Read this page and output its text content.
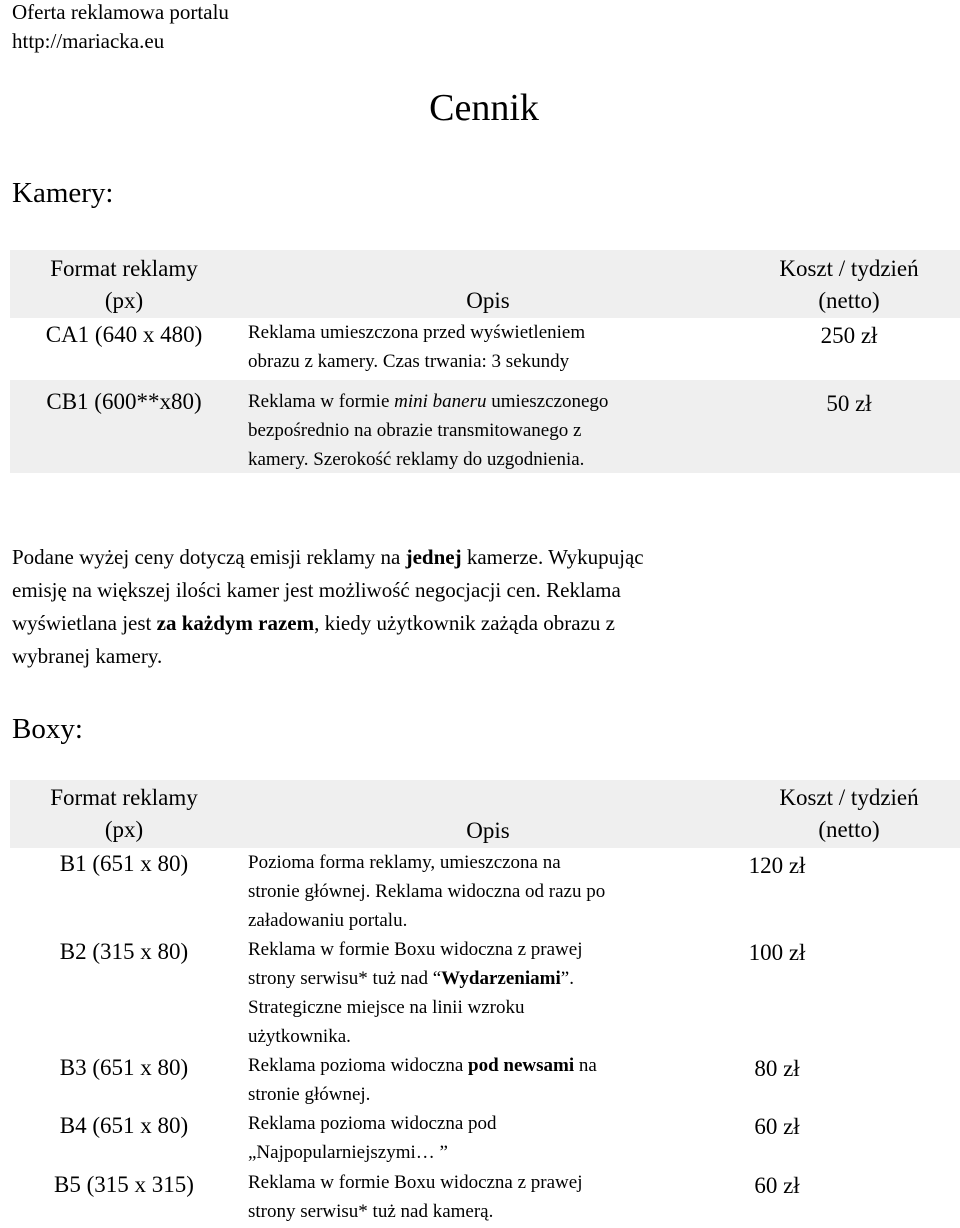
Oferta reklamowa portalu
http://mariacka.eu
Cennik
Kamery:
Format reklamy
(px)	Opis
Koszt / tydzień
(netto)
CA1 (640 x 480)	Reklama umieszczona przed wyświetleniem
obrazu z kamery. Czas trwania: 3 sekundy
250 zł
CB1 (600**x80)	Reklama w formie mini baneru umieszczonego
bezpośrednio na obrazie transmitowanego z
kamery. Szerokość reklamy do uzgodnienia.
50 zł
Podane wyżej ceny dotyczą emisji reklamy na jednej kamerze. Wykupując
emisję na większej ilości kamer jest możliwość negocjacji cen. Reklama
wyświetlana jest za każdym razem, kiedy użytkownik zażąda obrazu z
wybranej kamery.
Boxy:
Format reklamy
(px)	Opis
Koszt / tydzień
(netto)
B1 (651 x 80)	Pozioma forma reklamy, umieszczona na
stronie głównej. Reklama widoczna od razu po
załadowaniu portalu.
120 zł
B2 (315 x 80)	Reklama w formie Boxu widoczna z prawej
strony serwisu* tuż nad “Wydarzeniami”.
Strategiczne miejsce na linii wzroku
użytkownika.
100 zł
B3 (651 x 80)	Reklama pozioma widoczna pod newsami na
stronie głównej.
80 zł
B4 (651 x 80)	Reklama pozioma widoczna pod
„Najpopularniejszymi… ”
60 zł
B5 (315 x 315)	Reklama w formie Boxu widoczna z prawej
strony serwisu* tuż nad kamerą.
60 zł
